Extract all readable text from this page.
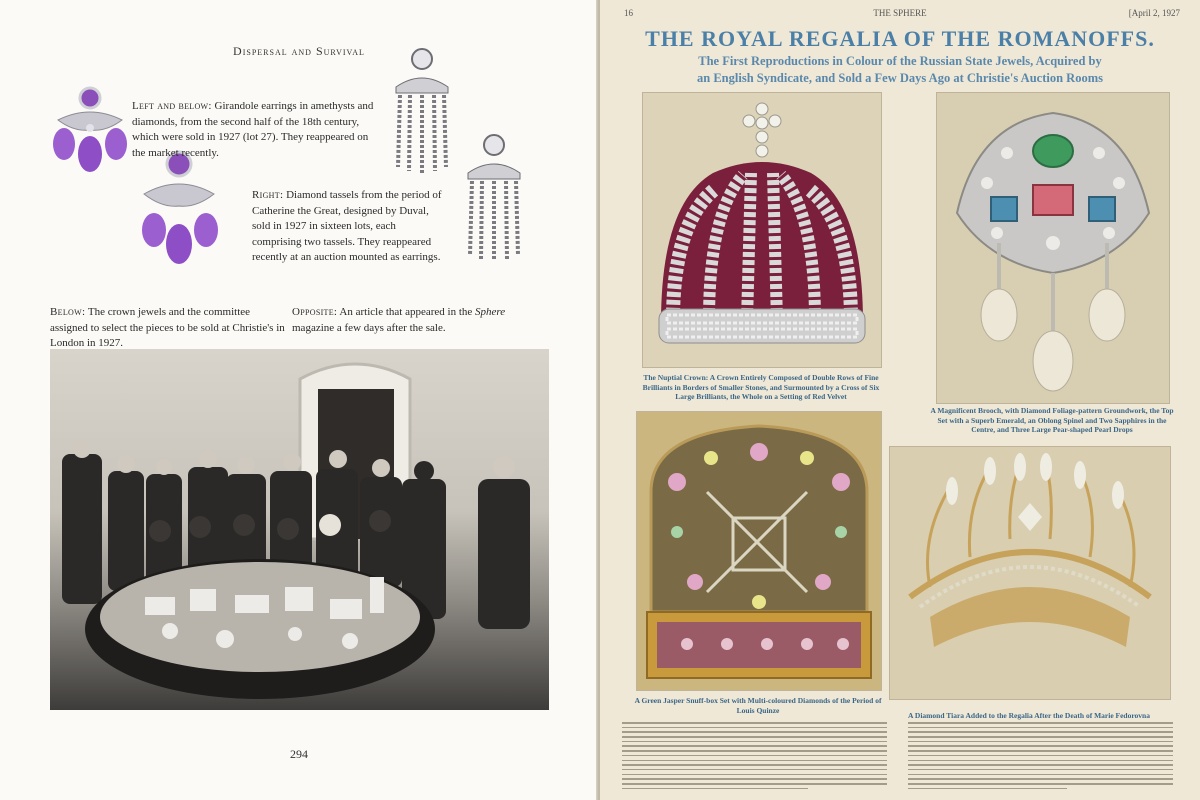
Dispersal and Survival

Left and below: Girandole earrings in amethysts and diamonds, from the second half of the 18th century, which were sold in 1927 (lot 27). They reappeared on the market recently.

Right: Diamond tassels from the period of Catherine the Great, designed by Duval, sold in 1927 in sixteen lots, each comprising two tassels. They reappeared recently at an auction mounted as earrings.

Below: The crown jewels and the committee assigned to select the pieces to be sold at Christie's in London in 1927.

Opposite: An article that appeared in the Sphere magazine a few days after the sale.

294
16	THE SPHERE	[April 2, 1927
THE ROYAL REGALIA OF THE ROMANOFFS.

The First Reproductions in Colour of the Russian State Jewels, Acquired by
an English Syndicate, and Sold a Few Days Ago at Christie's Auction Rooms

The Nuptial Crown: A Crown Entirely Composed of Double Rows of Fine Brilliants in Borders of Smaller Stones, and Surmounted by a Cross of Six Large Brilliants, the Whole on a Setting of Red Velvet

A Magnificent Brooch, with Diamond Foliage-pattern Groundwork, the Top Set with a Superb Emerald, an Oblong Spinel and Two Sapphires in the Centre, and Three Large Pear-shaped Pearl Drops

A Green Jasper Snuff-box Set with Multi-coloured Diamonds of the Period of Louis Quinze

A Diamond Tiara Added to the Regalia After the Death of Marie Fedorovna
